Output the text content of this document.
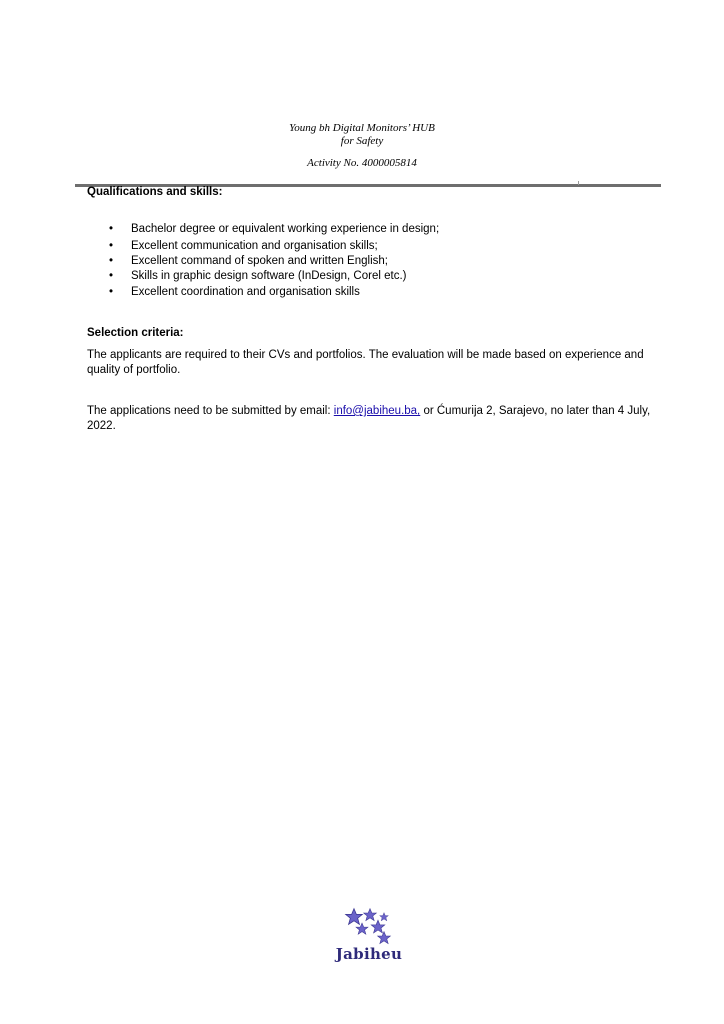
Young bh Digital Monitors’ HUB
for Safety
Activity No. 4000005814
Qualifications and skills:
• Bachelor degree or equivalent working experience in design;
• Excellent communication and organisation skills;
• Excellent command of spoken and written English;
• Skills in graphic design software (InDesign, Corel etc.)
• Excellent coordination and organisation skills
Selection criteria:
The applicants are required to their CVs and portfolios. The evaluation will be made based on experience and quality of portfolio.
The applications need to be submitted by email: info@jabiheu.ba, or Ćumurija 2, Sarajevo, no later than 4 July, 2022.
Jabiheu
